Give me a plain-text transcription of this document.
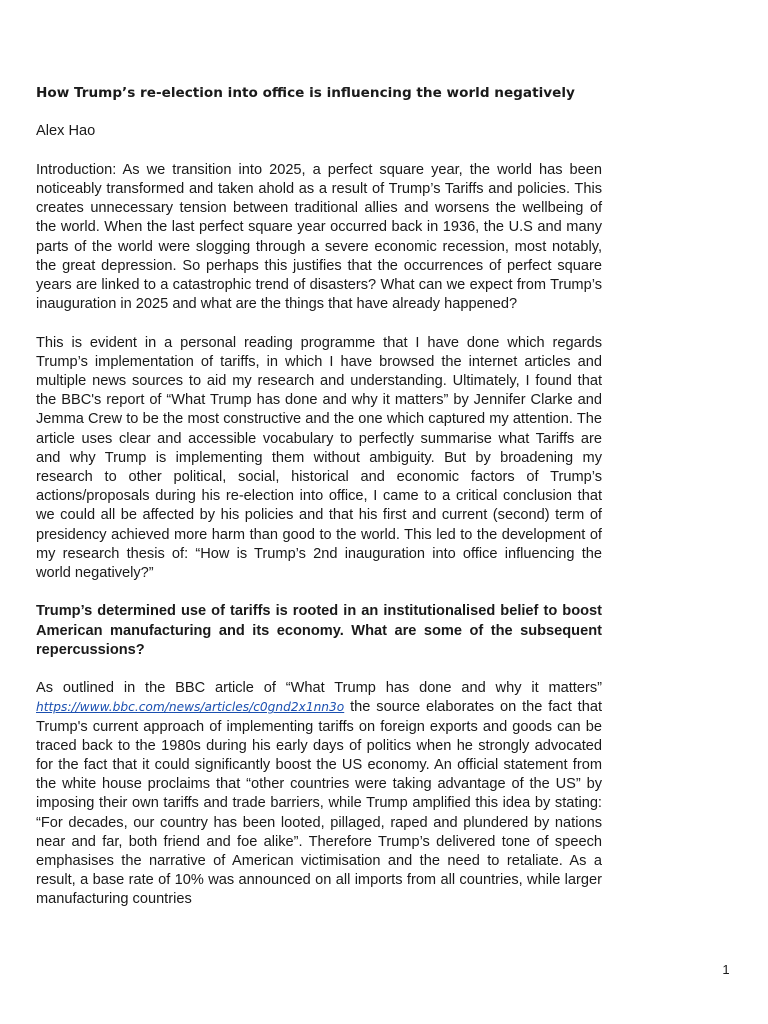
How Trump’s re-election into office is influencing the world negatively
Alex Hao
Introduction: As we transition into 2025, a perfect square year, the world has been noticeably transformed and taken ahold as a result of Trump’s Tariffs and policies. This creates unnecessary tension between traditional allies and worsens the wellbeing of the world. When the last perfect square year occurred back in 1936, the U.S and many parts of the world were slogging through a severe economic recession, most notably, the great depression. So perhaps this justifies that the occurrences of perfect square years are linked to a catastrophic trend of disasters? What can we expect from Trump’s inauguration in 2025 and what are the things that have already happened?
This is evident in a personal reading programme that I have done which regards Trump’s implementation of tariffs, in which I have browsed the internet articles and multiple news sources to aid my research and understanding. Ultimately, I found that the BBC's report of “What Trump has done and why it matters” by Jennifer Clarke and Jemma Crew to be the most constructive and the one which captured my attention. The article uses clear and accessible vocabulary to perfectly summarise what Tariffs are and why Trump is implementing them without ambiguity. But by broadening my research to other political, social, historical and economic factors of Trump’s actions/proposals during his re-election into office, I came to a critical conclusion that we could all be affected by his policies and that his first and current (second) term of presidency achieved more harm than good to the world. This led to the development of my research thesis of: “How is Trump’s 2nd inauguration into office influencing the world negatively?”
Trump’s determined use of tariffs is rooted in an institutionalised belief to boost American manufacturing and its economy. What are some of the subsequent repercussions?
As outlined in the BBC article of “What Trump has done and why it matters” https://www.bbc.com/news/articles/c0gnd2x1nn3o the source elaborates on the fact that Trump's current approach of implementing tariffs on foreign exports and goods can be traced back to the 1980s during his early days of politics when he strongly advocated for the fact that it could significantly boost the US economy. An official statement from the white house proclaims that “other countries were taking advantage of the US” by imposing their own tariffs and trade barriers, while Trump amplified this idea by stating: “For decades, our country has been looted, pillaged, raped and plundered by nations near and far, both friend and foe alike”. Therefore Trump’s delivered tone of speech emphasises the narrative of American victimisation and the need to retaliate. As a result, a base rate of 10% was announced on all imports from all countries, while larger manufacturing countries
1
